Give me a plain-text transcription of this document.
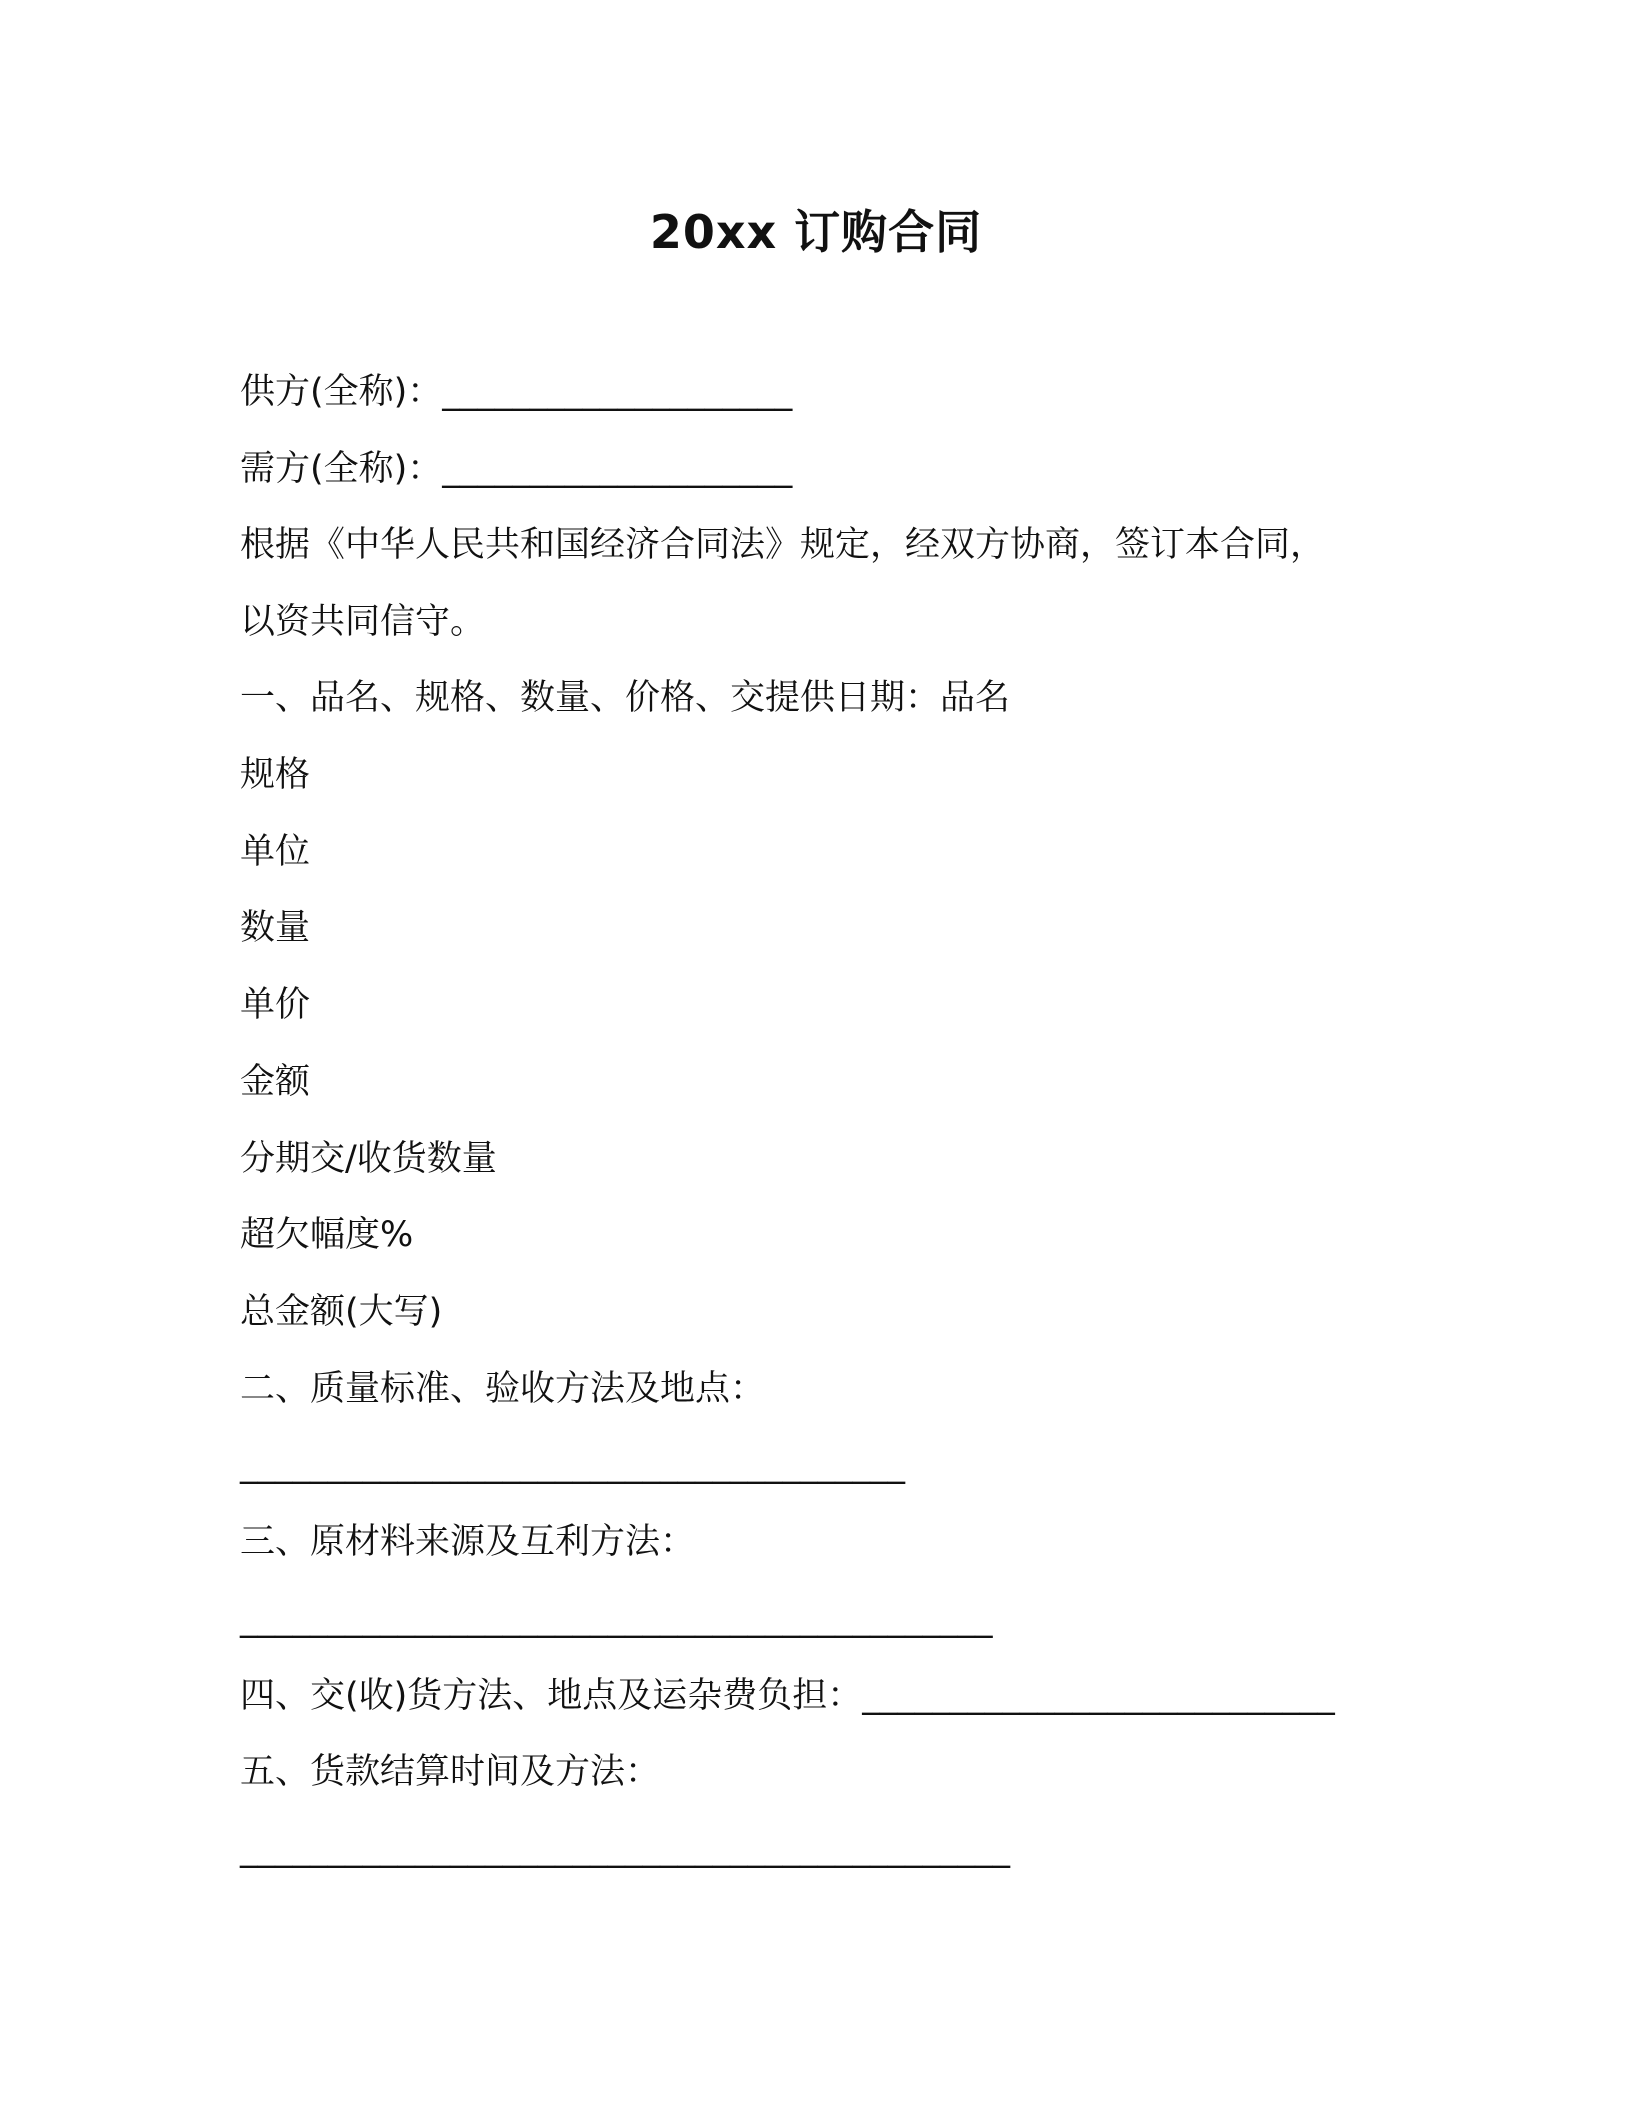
20xx 订购合同

供方(全称)：____________________

需方(全称)：____________________

根据《中华人民共和国经济合同法》规定，经双方协商，签订本合同，

以资共同信守。

一、品名、规格、数量、价格、交提供日期：品名

规格

单位

数量

单价

金额

分期交/收货数量

超欠幅度%

总金额(大写)

二、质量标准、验收方法及地点：

______________________________________

三、原材料来源及互利方法：

___________________________________________

四、交(收)货方法、地点及运杂费负担：___________________________

五、货款结算时间及方法：

____________________________________________
